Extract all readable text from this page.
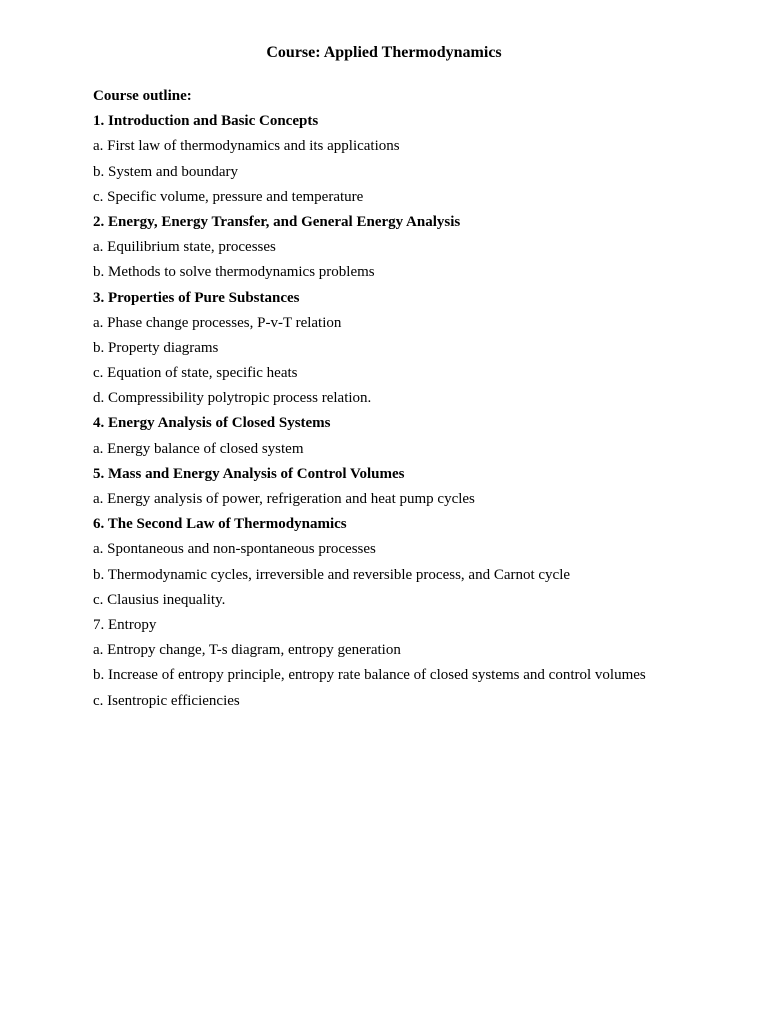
Course: Applied Thermodynamics

Course outline:

1. Introduction and Basic Concepts
a. First law of thermodynamics and its applications
b. System and boundary
c. Specific volume, pressure and temperature
2. Energy, Energy Transfer, and General Energy Analysis
a. Equilibrium state, processes
b. Methods to solve thermodynamics problems
3. Properties of Pure Substances
a. Phase change processes, P-v-T relation
b. Property diagrams
c. Equation of state, specific heats
d. Compressibility polytropic process relation.
4. Energy Analysis of Closed Systems
a. Energy balance of closed system
5. Mass and Energy Analysis of Control Volumes
a. Energy analysis of power, refrigeration and heat pump cycles
6. The Second Law of Thermodynamics
a. Spontaneous and non-spontaneous processes
b. Thermodynamic cycles, irreversible and reversible process, and Carnot cycle
c. Clausius inequality.
7. Entropy
a. Entropy change, T-s diagram, entropy generation
b. Increase of entropy principle, entropy rate balance of closed systems and control volumes
c. Isentropic efficiencies
